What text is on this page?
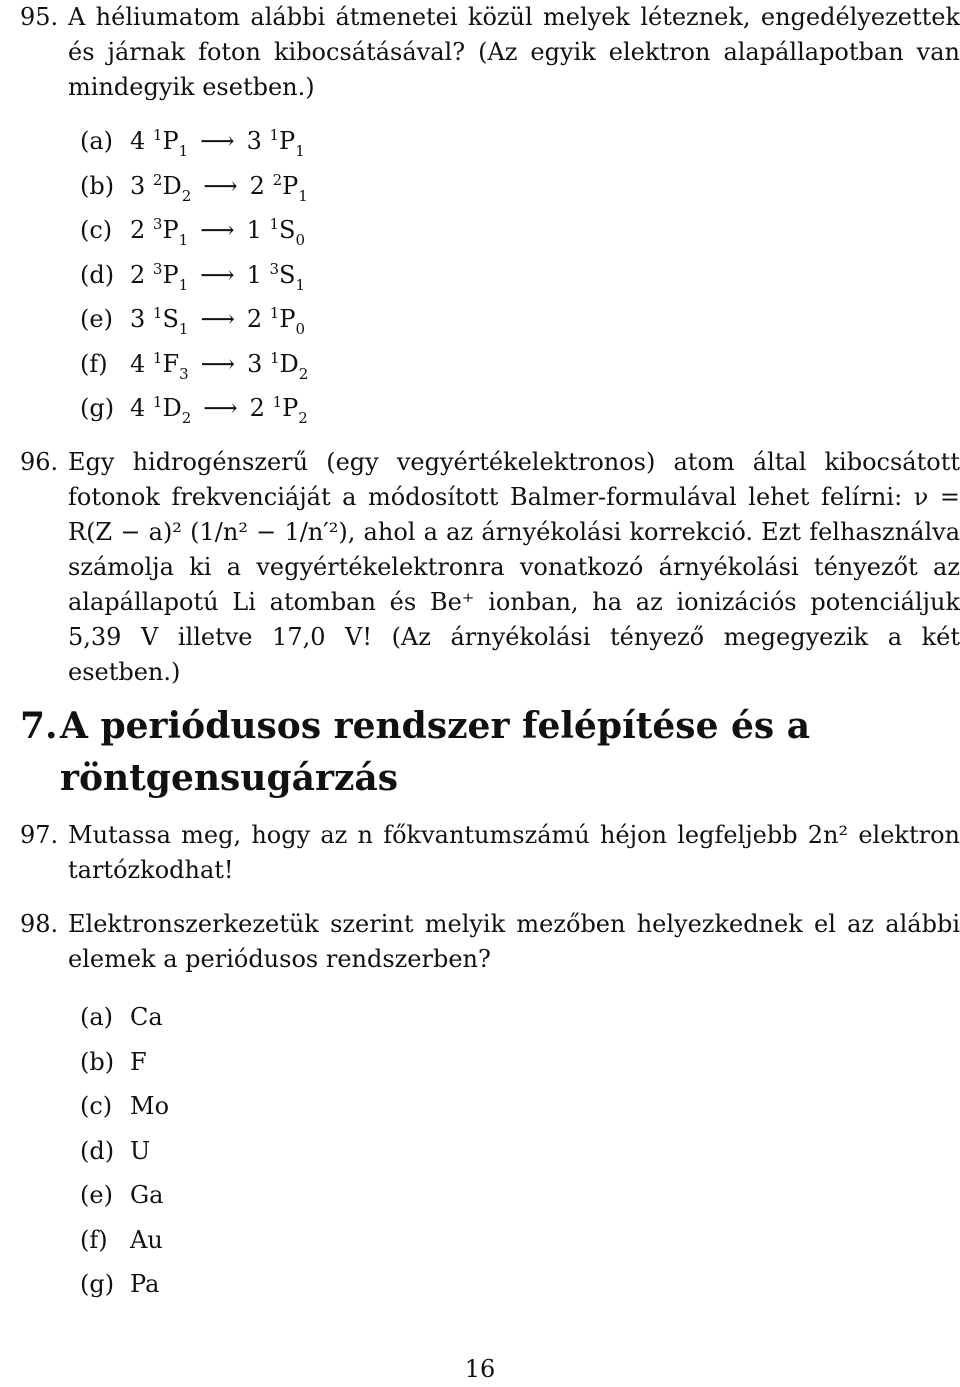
95. A héliumatom alábbi átmenetei közül melyek léteznek, engedélyezettek és járnak foton kibocsátásával? (Az egyik elektron alapállapotban van mindegyik esetben.)
(a) 4 $^1P_1$ ⟶ 3 $^1P_1$
(b) 3 $^2D_2$ ⟶ 2 $^2P_1$
(c) 2 $^3P_1$ ⟶ 1 $^1S_0$
(d) 2 $^3P_1$ ⟶ 1 $^3S_1$
(e) 3 $^1S_1$ ⟶ 2 $^1P_0$
(f) 4 $^1F_3$ ⟶ 3 $^1D_2$
(g) 4 $^1D_2$ ⟶ 2 $^1P_2$
96. Egy hidrogénszerű (egy vegyértékelektronos) atom által kibocsátott fotonok frekvenciáját a módosított Balmer-formulával lehet felírni: ν = R(Z − a)² (1/n² − 1/n′²), ahol a az árnyékolási korrekció. Ezt felhasználva számolja ki a vegyértékelektronra vonatkozó árnyékolási tényezőt az alapállapotú Li atomban és Be⁺ ionban, ha az ionizációs potenciáljuk 5,39 V illetve 17,0 V! (Az árnyékolási tényező megegyezik a két esetben.)
7. A periódusos rendszer felépítése és a röntgensugárzás
97. Mutassa meg, hogy az n főkvantumszámú héjon legfeljebb 2n² elektron tartózkodhat!
98. Elektronszerkezetük szerint melyik mezőben helyezkednek el az alábbi elemek a periódusos rendszerben?
(a) Ca
(b) F
(c) Mo
(d) U
(e) Ga
(f) Au
(g) Pa
16
